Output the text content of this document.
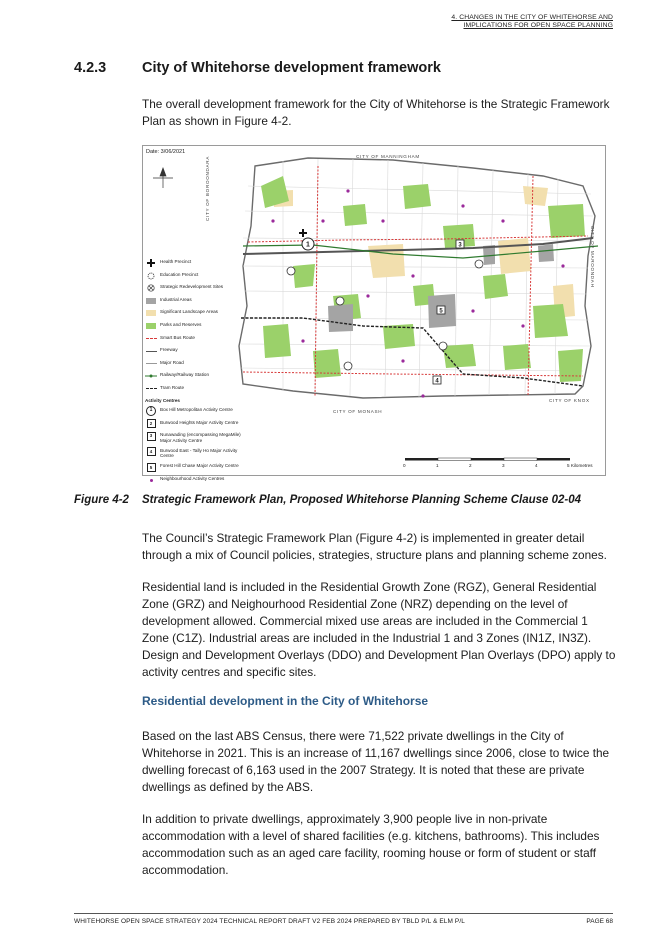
4. CHANGES IN THE CITY OF WHITEHORSE AND
IMPLICATIONS FOR OPEN SPACE PLANNING
4.2.3 City of Whitehorse development framework
The overall development framework for the City of Whitehorse is the Strategic Framework Plan as shown in Figure 4-2.
1
5
4
3
Date: 3/06/2021
CITY OF MANNINGHAM
CITY OF BOROONDARA
CITY OF MAROONDAH
CITY OF MONASH
CITY OF KNOX
Health Precinct
Education Precinct
Strategic Redevelopment Sites
Industrial Areas
Significant Landscape Areas
Parks and Reserves
Smart Bus Route
Freeway
Major Road
Railway/Railway Station
Tram Route
Activity Centres
1	Box Hill Metropolitan Activity Centre
2	Burwood Heights Major Activity Centre
3	Nunawading (encompassing MegaMile) Major Activity Centre
4	Burwood East - Tally Ho Major Activity Centre
5	Forest Hill Chase Major Activity Centre
Neighbourhood Activity Centres
0	1	2	3	4	5 Kilometres
Figure 4-2 Strategic Framework Plan, Proposed Whitehorse Planning Scheme Clause 02-04
The Council’s Strategic Framework Plan (Figure 4-2) is implemented in greater detail through a mix of Council policies, strategies, structure plans and planning scheme zones.
Residential land is included in the Residential Growth Zone (RGZ), General Residential Zone (GRZ) and Neighourhood Residential Zone (NRZ) depending on the level of development allowed. Commercial mixed use areas are included in the Commercial 1 Zone (C1Z). Industrial areas are included in the Industrial 1 and 3 Zones (IN1Z, IN3Z). Design and Development Overlays (DDO) and Development Plan Overlays (DPO) apply to activity centres and specific sites.
Residential development in the City of Whitehorse
Based on the last ABS Census, there were 71,522 private dwellings in the City of Whitehorse in 2021. This is an increase of 11,167 dwellings since 2006, close to twice the dwelling forecast of 6,163 used in the 2007 Strategy. It is noted that these are private dwellings as defined by the ABS.
In addition to private dwellings, approximately 3,900 people live in non-private accommodation with a level of shared facilities (e.g. kitchens, bathrooms). This includes accommodation such as an aged care facility, rooming house or form of student or staff accommodation.
WHITEHORSE OPEN SPACE STRATEGY 2024 TECHNICAL REPORT DRAFT V2 FEB 2024 PREPARED BY TBLD P/L & ELM P/L	PAGE 68
